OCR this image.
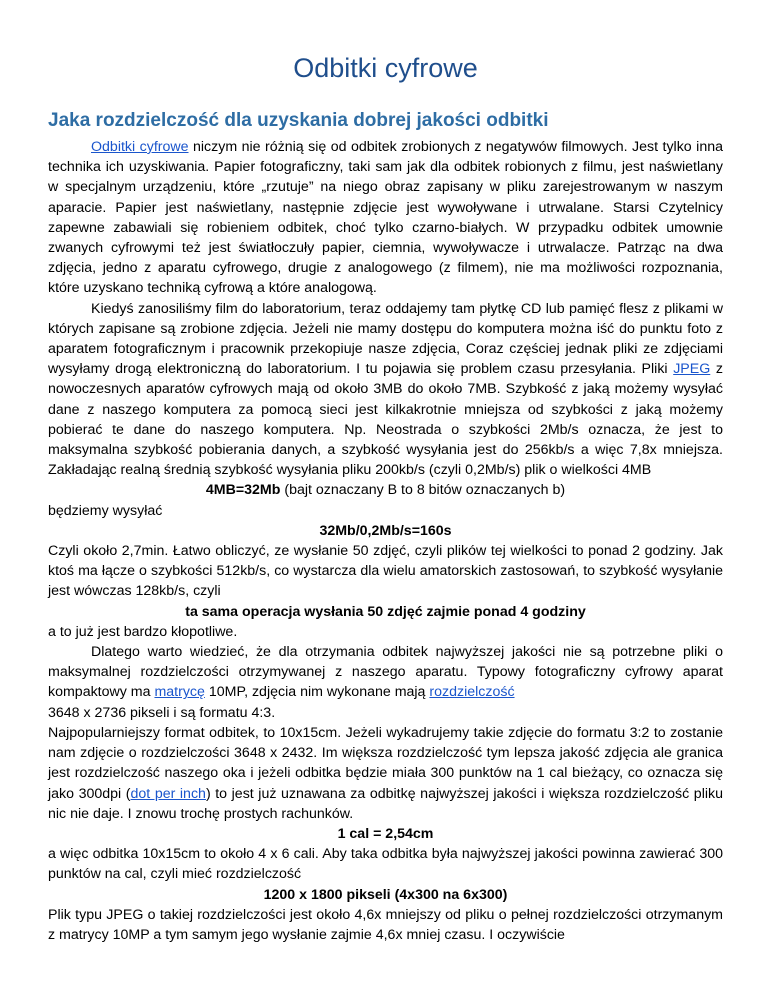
Odbitki cyfrowe
Jaka rozdzielczość dla uzyskania dobrej jakości odbitki

Odbitki cyfrowe niczym nie różnią się od odbitek zrobionych z negatywów filmowych. Jest tylko inna technika ich uzyskiwania. Papier fotograficzny, taki sam jak dla odbitek robionych z filmu, jest naświetlany w specjalnym urządzeniu, które „rzutuje” na niego obraz zapisany w pliku zarejestrowanym w naszym aparacie. Papier jest naświetlany, następnie zdjęcie jest wywoływane i utrwalane. Starsi Czytelnicy zapewne zabawiali się robieniem odbitek, choć tylko czarno-białych. W przypadku odbitek umownie zwanych cyfrowymi też jest światłoczuły papier, ciemnia, wywoływacze i utrwalacze. Patrząc na dwa zdjęcia, jedno z aparatu cyfrowego, drugie z analogowego (z filmem), nie ma możliwości rozpoznania, które uzyskano techniką cyfrową a które analogową.

Kiedyś zanosiliśmy film do laboratorium, teraz oddajemy tam płytkę CD lub pamięć flesz z plikami w których zapisane są zrobione zdjęcia. Jeżeli nie mamy dostępu do komputera można iść do punktu foto z aparatem fotograficznym i pracownik przekopiuje nasze zdjęcia, Coraz częściej jednak pliki ze zdjęciami wysyłamy drogą elektroniczną do laboratorium. I tu pojawia się problem czasu przesyłania. Pliki JPEG z nowoczesnych aparatów cyfrowych mają od około 3MB do około 7MB. Szybkość z jaką możemy wysyłać dane z naszego komputera za pomocą sieci jest kilkakrotnie mniejsza od szybkości z jaką możemy pobierać te dane do naszego komputera. Np. Neostrada o szybkości 2Mb/s oznacza, że jest to maksymalna szybkość pobierania danych, a szybkość wysyłania jest do 256kb/s a więc 7,8x mniejsza. Zakładając realną średnią szybkość wysyłania pliku 200kb/s (czyli 0,2Mb/s) plik o wielkości 4MB

4MB=32Mb (bajt oznaczany B to 8 bitów oznaczanych b)

będziemy wysyłać

32Mb/0,2Mb/s=160s

Czyli około 2,7min. Łatwo obliczyć, ze wysłanie 50 zdjęć, czyli plików tej wielkości to ponad 2 godziny. Jak ktoś ma łącze o szybkości 512kb/s, co wystarcza dla wielu amatorskich zastosowań, to szybkość wysyłanie jest wówczas 128kb/s, czyli

ta sama operacja wysłania 50 zdjęć zajmie ponad 4 godziny

a to już jest bardzo kłopotliwe.

Dlatego warto wiedzieć, że dla otrzymania odbitek najwyższej jakości nie są potrzebne pliki o maksymalnej rozdzielczości otrzymywanej z naszego aparatu. Typowy fotograficzny cyfrowy aparat kompaktowy ma matrycę 10MP, zdjęcia nim wykonane mają rozdzielczość

3648 x 2736 pikseli i są formatu 4:3.

Najpopularniejszy format odbitek, to 10x15cm. Jeżeli wykadrujemy takie zdjęcie do formatu 3:2 to zostanie nam zdjęcie o rozdzielczości 3648 x 2432. Im większa rozdzielczość tym lepsza jakość zdjęcia ale granica jest rozdzielczość naszego oka i jeżeli odbitka będzie miała 300 punktów na 1 cal bieżący, co oznacza się jako 300dpi (dot per inch) to jest już uznawana za odbitkę najwyższej jakości i większa rozdzielczość pliku nic nie daje. I znowu trochę prostych rachunków.

1 cal = 2,54cm

a więc odbitka 10x15cm to około 4 x 6 cali. Aby taka odbitka była najwyższej jakości powinna zawierać 300 punktów na cal, czyli mieć rozdzielczość

1200 x 1800 pikseli (4x300 na 6x300)

Plik typu JPEG o takiej rozdzielczości jest około 4,6x mniejszy od pliku o pełnej rozdzielczości otrzymanym z matrycy 10MP a tym samym jego wysłanie zajmie 4,6x mniej czasu. I oczywiście
